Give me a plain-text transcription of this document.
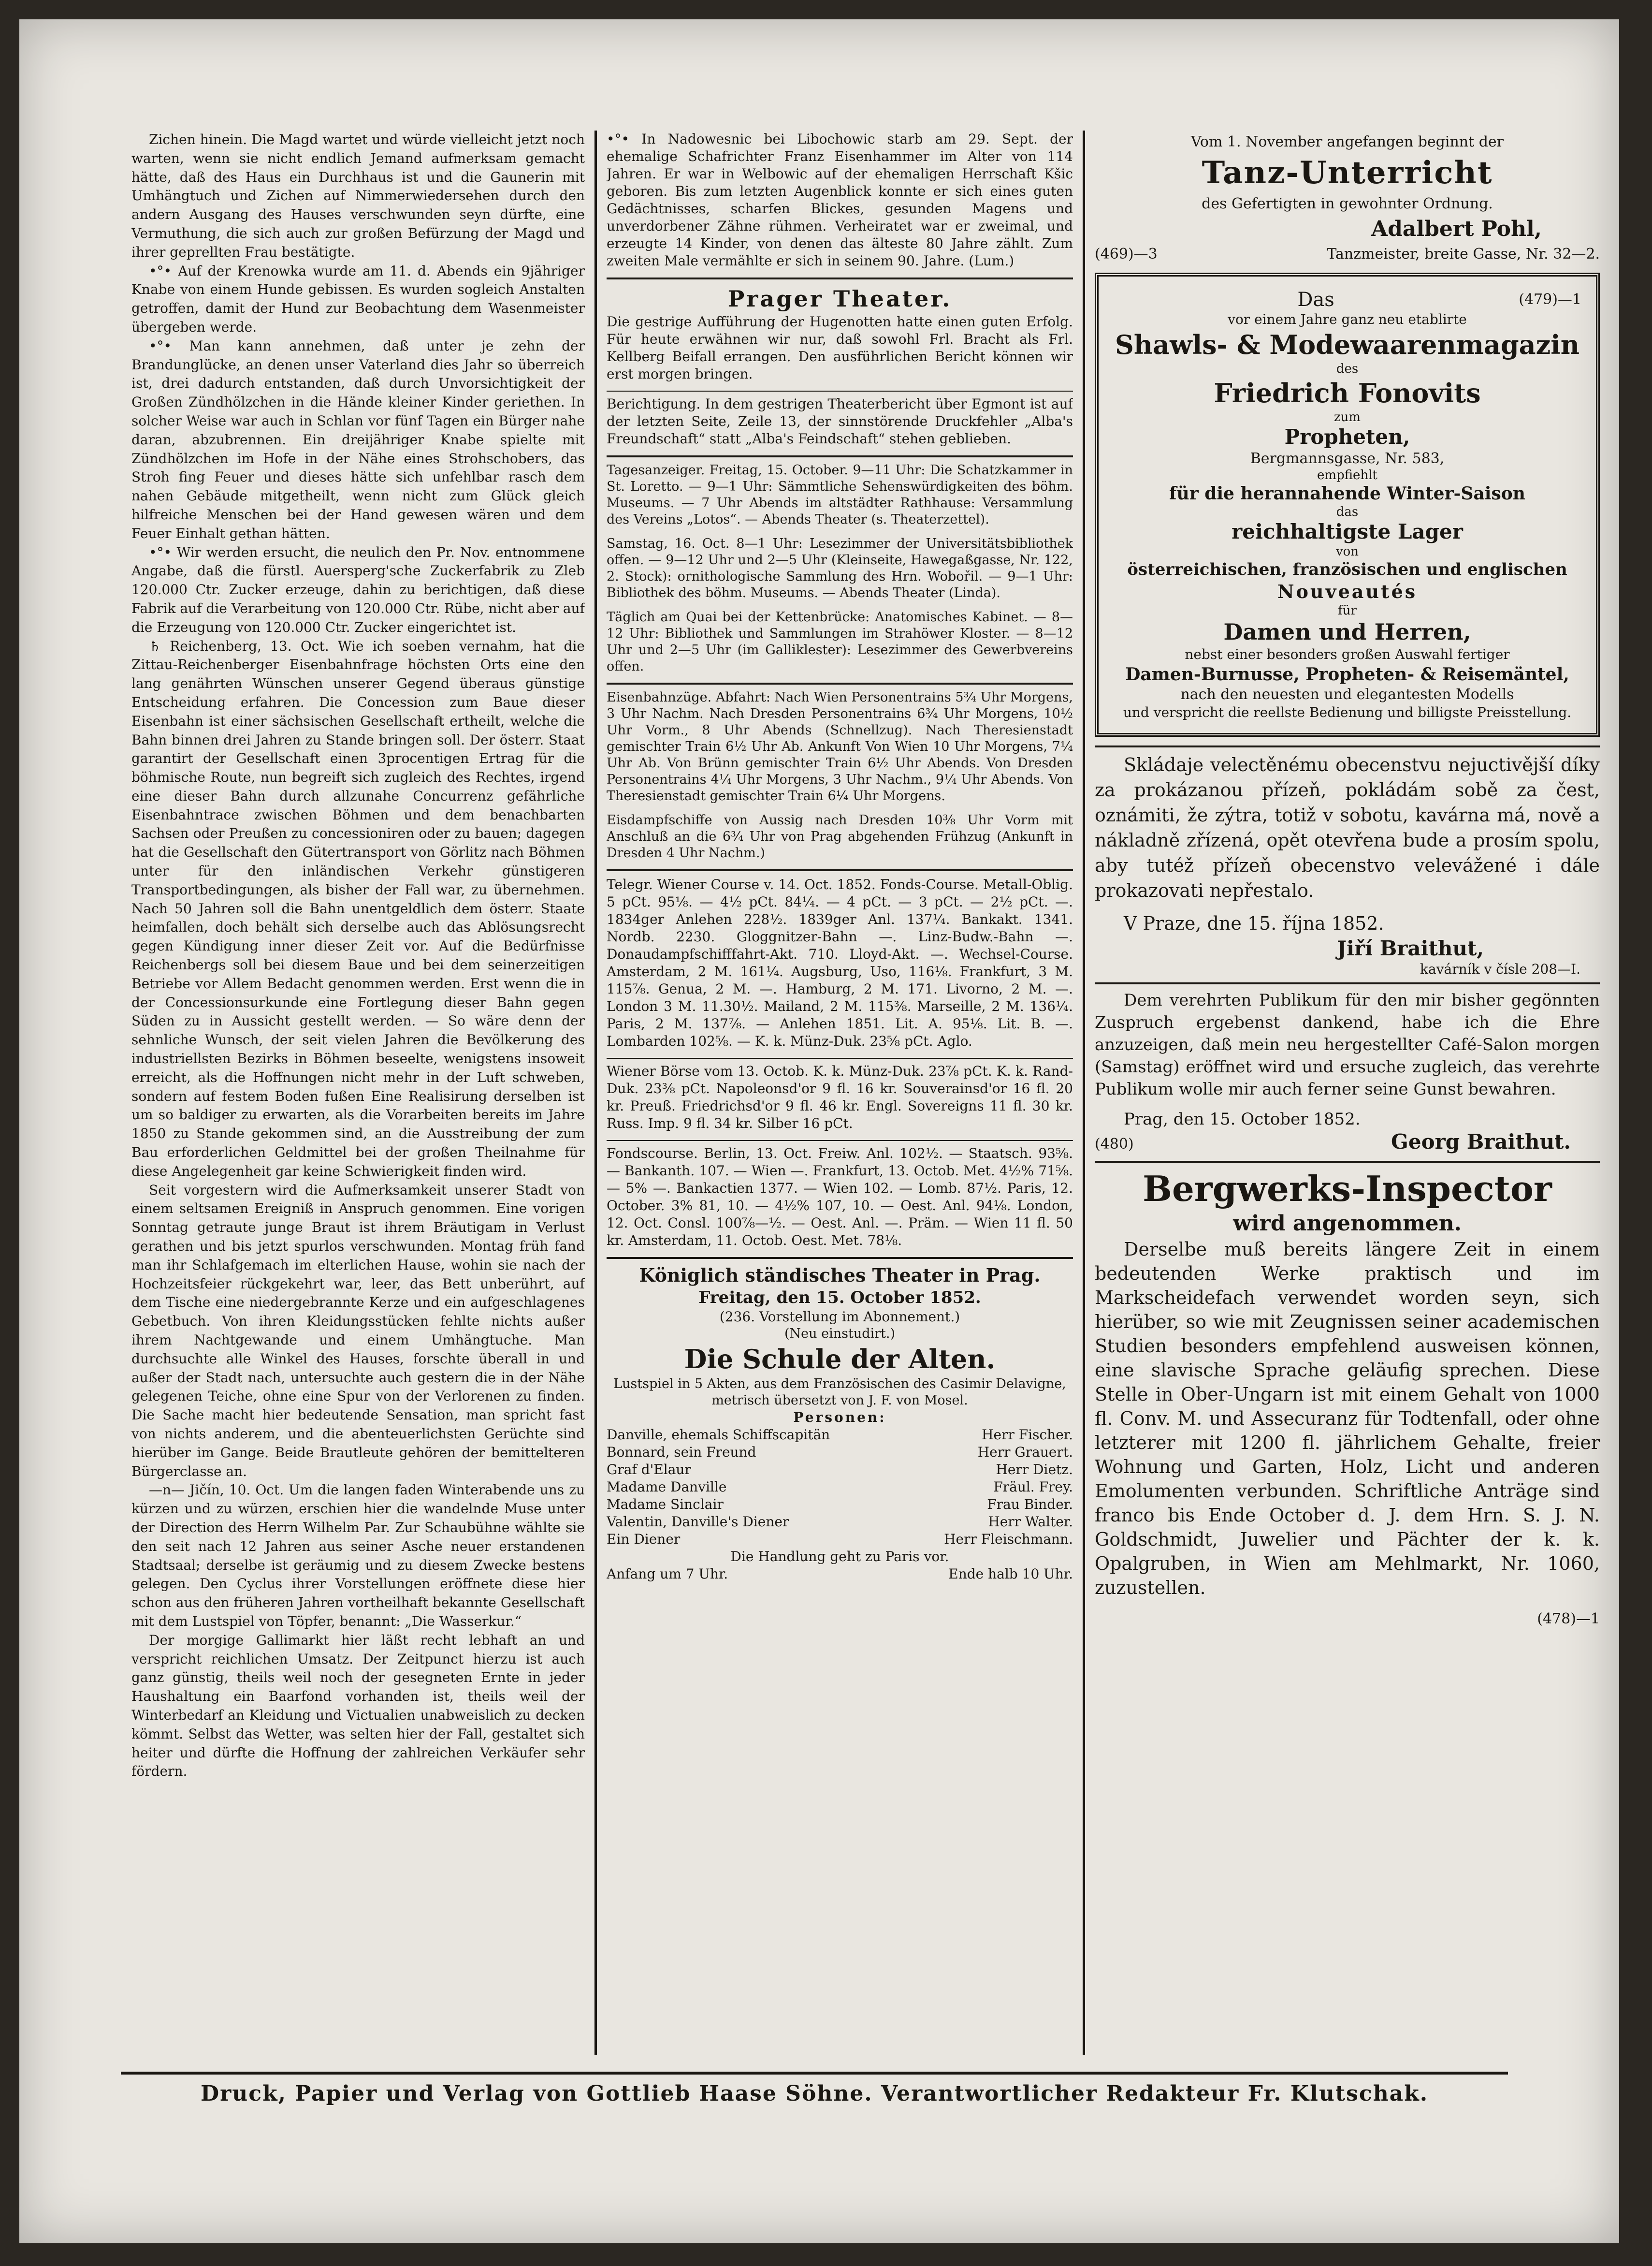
Zichen hinein. Die Magd wartet und würde vielleicht jetzt noch warten, wenn sie nicht endlich Jemand aufmerksam gemacht hätte, daß des Haus ein Durchhaus ist und die Gaunerin mit Umhängtuch und Zichen auf Nimmerwiedersehen durch den andern Ausgang des Hauses verschwunden seyn dürfte, eine Vermuthung, die sich auch zur großen Befürzung der Magd und ihrer geprellten Frau bestätigte.

•°• Auf der Krenowka wurde am 11. d. Abends ein 9jähriger Knabe von einem Hunde gebissen. Es wurden sogleich Anstalten getroffen, damit der Hund zur Beobachtung dem Wasenmeister übergeben werde.

•°• Man kann annehmen, daß unter je zehn der Brandunglücke, an denen unser Vaterland dies Jahr so überreich ist, drei dadurch entstanden, daß durch Unvorsichtigkeit der Großen Zündhölzchen in die Hände kleiner Kinder geriethen. In solcher Weise war auch in Schlan vor fünf Tagen ein Bürger nahe daran, abzubrennen. Ein dreijähriger Knabe spielte mit Zündhölzchen im Hofe in der Nähe eines Strohschobers, das Stroh fing Feuer und dieses hätte sich unfehlbar rasch dem nahen Gebäude mitgetheilt, wenn nicht zum Glück gleich hilfreiche Menschen bei der Hand gewesen wären und dem Feuer Einhalt gethan hätten.

•°• Wir werden ersucht, die neulich den Pr. Nov. entnommene Angabe, daß die fürstl. Auersperg'sche Zuckerfabrik zu Zleb 120.000 Ctr. Zucker erzeuge, dahin zu berichtigen, daß diese Fabrik auf die Verarbeitung von 120.000 Ctr. Rübe, nicht aber auf die Erzeugung von 120.000 Ctr. Zucker eingerichtet ist.

♄ Reichenberg, 13. Oct. Wie ich soeben vernahm, hat die Zittau-Reichenberger Eisenbahnfrage höchsten Orts eine den lang genährten Wünschen unserer Gegend überaus günstige Entscheidung erfahren. Die Concession zum Baue dieser Eisenbahn ist einer sächsischen Gesellschaft ertheilt, welche die Bahn binnen drei Jahren zu Stande bringen soll. Der österr. Staat garantirt der Gesellschaft einen 3procentigen Ertrag für die böhmische Route, nun begreift sich zugleich des Rechtes, irgend eine dieser Bahn durch allzunahe Concurrenz gefährliche Eisenbahntrace zwischen Böhmen und dem benachbarten Sachsen oder Preußen zu concessioniren oder zu bauen; dagegen hat die Gesellschaft den Gütertransport von Görlitz nach Böhmen unter für den inländischen Verkehr günstigeren Transportbedingungen, als bisher der Fall war, zu übernehmen. Nach 50 Jahren soll die Bahn unentgeldlich dem österr. Staate heimfallen, doch behält sich derselbe auch das Ablösungsrecht gegen Kündigung inner dieser Zeit vor. Auf die Bedürfnisse Reichenbergs soll bei diesem Baue und bei dem seinerzeitigen Betriebe vor Allem Bedacht genommen werden. Erst wenn die in der Concessionsurkunde eine Fortlegung dieser Bahn gegen Süden zu in Aussicht gestellt werden. — So wäre denn der sehnliche Wunsch, der seit vielen Jahren die Bevölkerung des industriellsten Bezirks in Böhmen beseelte, wenigstens insoweit erreicht, als die Hoffnungen nicht mehr in der Luft schweben, sondern auf festem Boden fußen Eine Realisirung derselben ist um so baldiger zu erwarten, als die Vorarbeiten bereits im Jahre 1850 zu Stande gekommen sind, an die Ausstreibung der zum Bau erforderlichen Geldmittel bei der großen Theilnahme für diese Angelegenheit gar keine Schwierigkeit finden wird.

Seit vorgestern wird die Aufmerksamkeit unserer Stadt von einem seltsamen Ereigniß in Anspruch genommen. Eine vorigen Sonntag getraute junge Braut ist ihrem Bräutigam in Verlust gerathen und bis jetzt spurlos verschwunden. Montag früh fand man ihr Schlafgemach im elterlichen Hause, wohin sie nach der Hochzeitsfeier rückgekehrt war, leer, das Bett unberührt, auf dem Tische eine niedergebrannte Kerze und ein aufgeschlagenes Gebetbuch. Von ihren Kleidungsstücken fehlte nichts außer ihrem Nachtgewande und einem Umhängtuche. Man durchsuchte alle Winkel des Hauses, forschte überall in und außer der Stadt nach, untersuchte auch gestern die in der Nähe gelegenen Teiche, ohne eine Spur von der Verlorenen zu finden. Die Sache macht hier bedeutende Sensation, man spricht fast von nichts anderem, und die abenteuerlichsten Gerüchte sind hierüber im Gange. Beide Brautleute gehören der bemittelteren Bürgerclasse an.

—n— Jičín, 10. Oct. Um die langen faden Winterabende uns zu kürzen und zu würzen, erschien hier die wandelnde Muse unter der Direction des Herrn Wilhelm Par. Zur Schaubühne wählte sie den seit nach 12 Jahren aus seiner Asche neuer erstandenen Stadtsaal; derselbe ist geräumig und zu diesem Zwecke bestens gelegen. Den Cyclus ihrer Vorstellungen eröffnete diese hier schon aus den früheren Jahren vortheilhaft bekannte Gesellschaft mit dem Lustspiel von Töpfer, benannt: „Die Wasserkur.“

Der morgige Gallimarkt hier läßt recht lebhaft an und verspricht reichlichen Umsatz. Der Zeitpunct hierzu ist auch ganz günstig, theils weil noch der gesegneten Ernte in jeder Haushaltung ein Baarfond vorhanden ist, theils weil der Winterbedarf an Kleidung und Victualien unabweislich zu decken kömmt. Selbst das Wetter, was selten hier der Fall, gestaltet sich heiter und dürfte die Hoffnung der zahlreichen Verkäufer sehr fördern.

•°• In Nadowesnic bei Libochowic starb am 29. Sept. der ehemalige Schafrichter Franz Eisenhammer im Alter von 114 Jahren. Er war in Welbowic auf der ehemaligen Herrschaft Kšic geboren. Bis zum letzten Augenblick konnte er sich eines guten Gedächtnisses, scharfen Blickes, gesunden Magens und unverdorbener Zähne rühmen. Verheiratet war er zweimal, und erzeugte 14 Kinder, von denen das älteste 80 Jahre zählt. Zum zweiten Male vermählte er sich in seinem 90. Jahre. (Lum.)

Prager Theater.

Die gestrige Aufführung der Hugenotten hatte einen guten Erfolg. Für heute erwähnen wir nur, daß sowohl Frl. Bracht als Frl. Kellberg Beifall errangen. Den ausführlichen Bericht können wir erst morgen bringen.

Berichtigung. In dem gestrigen Theaterbericht über Egmont ist auf der letzten Seite, Zeile 13, der sinnstörende Druckfehler „Alba's Freundschaft“ statt „Alba's Feindschaft“ stehen geblieben.

Tagesanzeiger. Freitag, 15. October. 9—11 Uhr: Die Schatzkammer in St. Loretto. — 9—1 Uhr: Sämmtliche Sehenswürdigkeiten des böhm. Museums. — 7 Uhr Abends im altstädter Rathhause: Versammlung des Vereins „Lotos“. — Abends Theater (s. Theaterzettel).

Samstag, 16. Oct. 8—1 Uhr: Lesezimmer der Universitätsbibliothek offen. — 9—12 Uhr und 2—5 Uhr (Kleinseite, Hawegaßgasse, Nr. 122, 2. Stock): ornithologische Sammlung des Hrn. Wobořil. — 9—1 Uhr: Bibliothek des böhm. Museums. — Abends Theater (Linda).

Täglich am Quai bei der Kettenbrücke: Anatomisches Kabinet. — 8—12 Uhr: Bibliothek und Sammlungen im Strahöwer Kloster. — 8—12 Uhr und 2—5 Uhr (im Galliklester): Lesezimmer des Gewerbvereins offen.

Eisenbahnzüge. Abfahrt: Nach Wien Personentrains 5¾ Uhr Morgens, 3 Uhr Nachm. Nach Dresden Personentrains 6¾ Uhr Morgens, 10½ Uhr Vorm., 8 Uhr Abends (Schnellzug). Nach Theresienstadt gemischter Train 6½ Uhr Ab. Ankunft Von Wien 10 Uhr Morgens, 7¼ Uhr Ab. Von Brünn gemischter Train 6½ Uhr Abends. Von Dresden Personentrains 4¼ Uhr Morgens, 3 Uhr Nachm., 9¼ Uhr Abends. Von Theresienstadt gemischter Train 6¼ Uhr Morgens.

Eisdampfschiffe von Aussig nach Dresden 10⅜ Uhr Vorm mit Anschluß an die 6¾ Uhr von Prag abgehenden Frühzug (Ankunft in Dresden 4 Uhr Nachm.)

Telegr. Wiener Course v. 14. Oct. 1852. Fonds-Course. Metall-Oblig. 5 pCt. 95⅛. — 4½ pCt. 84¼. — 4 pCt. — 3 pCt. — 2½ pCt. —. 1834ger Anlehen 228½. 1839ger Anl. 137¼. Bankakt. 1341. Nordb. 2230. Gloggnitzer-Bahn —. Linz-Budw.-Bahn —. Donaudampfschifffahrt-Akt. 710. Lloyd-Akt. —. Wechsel-Course. Amsterdam, 2 M. 161¼. Augsburg, Uso, 116⅛. Frankfurt, 3 M. 115⅞. Genua, 2 M. —. Hamburg, 2 M. 171. Livorno, 2 M. —. London 3 M. 11.30½. Mailand, 2 M. 115⅜. Marseille, 2 M. 136¼. Paris, 2 M. 137⅞. — Anlehen 1851. Lit. A. 95⅛. Lit. B. —. Lombarden 102⅝. — K. k. Münz-Duk. 23⅝ pCt. Aglo.

Wiener Börse vom 13. Octob. K. k. Münz-Duk. 23⅞ pCt. K. k. Rand-Duk. 23⅜ pCt. Napoleonsd'or 9 fl. 16 kr. Souverainsd'or 16 fl. 20 kr. Preuß. Friedrichsd'or 9 fl. 46 kr. Engl. Sovereigns 11 fl. 30 kr. Russ. Imp. 9 fl. 34 kr. Silber 16 pCt.

Fondscourse. Berlin, 13. Oct. Freiw. Anl. 102½. — Staatsch. 93⅝. — Bankanth. 107. — Wien —. Frankfurt, 13. Octob. Met. 4½% 71⅝. — 5% —. Bankactien 1377. — Wien 102. — Lomb. 87½. Paris, 12. October. 3% 81, 10. — 4½% 107, 10. — Oest. Anl. 94⅛. London, 12. Oct. Consl. 100⅞—½. — Oest. Anl. —. Präm. — Wien 11 fl. 50 kr. Amsterdam, 11. Octob. Oest. Met. 78⅛.

Königlich ständisches Theater in Prag.
Freitag, den 15. October 1852.
(236. Vorstellung im Abonnement.)
(Neu einstudirt.)
Die Schule der Alten.
Lustspiel in 5 Akten, aus dem Französischen des Casimir Delavigne, metrisch übersetzt von J. F. von Mosel.
Personen:
Danville, ehemals Schiffscapitän	Herr Fischer.
Bonnard, sein Freund	Herr Grauert.
Graf d'Elaur	Herr Dietz.
Madame Danville	Fräul. Frey.
Madame Sinclair	Frau Binder.
Valentin, Danville's Diener	Herr Walter.
Ein Diener	Herr Fleischmann.
Die Handlung geht zu Paris vor.
Anfang um 7 Uhr.	Ende halb 10 Uhr.
Vom 1. November angefangen beginnt der
Tanz-Unterricht
des Gefertigten in gewohnter Ordnung.
Adalbert Pohl,
(469)—3	Tanzmeister, breite Gasse, Nr. 32—2.
Das	(479)—1
vor einem Jahre ganz neu etablirte
Shawls- & Modewaarenmagazin
des
Friedrich Fonovits
zum
Propheten,
Bergmannsgasse, Nr. 583,
empfiehlt
für die herannahende Winter-Saison
das
reichhaltigste Lager
von
österreichischen, französischen und englischen
Nouveautés
für
Damen und Herren,
nebst einer besonders großen Auswahl fertiger
Damen-Burnusse, Propheten- & Reisemäntel,
nach den neuesten und elegantesten Modells
und verspricht die reellste Bedienung und billigste Preisstellung.

Skládaje velectěnému obecenstvu nejuctivější díky za prokázanou přízeň, pokládám sobě za čest, oznámiti, že zýtra, totiž v sobotu, kavárna má, nově a nákladně zřízená, opět otevřena bude a prosím spolu, aby tutéž přízeň obecenstvo velevážené i dále prokazovati nepřestalo.

V Praze, dne 15. října 1852.
Jiří Braithut,
kavárník v čísle 208—I.

Dem verehrten Publikum für den mir bisher gegönnten Zuspruch ergebenst dankend, habe ich die Ehre anzuzeigen, daß mein neu hergestellter Café-Salon morgen (Samstag) eröffnet wird und ersuche zugleich, das verehrte Publikum wolle mir auch ferner seine Gunst bewahren.

Prag, den 15. October 1852.
(480)	Georg Braithut.
Bergwerks-Inspector
wird angenommen.

Derselbe muß bereits längere Zeit in einem bedeutenden Werke praktisch und im Markscheidefach verwendet worden seyn, sich hierüber, so wie mit Zeugnissen seiner academischen Studien besonders empfehlend ausweisen können, eine slavische Sprache geläufig sprechen. Diese Stelle in Ober-Ungarn ist mit einem Gehalt von 1000 fl. Conv. M. und Assecuranz für Todtenfall, oder ohne letzterer mit 1200 fl. jährlichem Gehalte, freier Wohnung und Garten, Holz, Licht und anderen Emolumenten verbunden. Schriftliche Anträge sind franco bis Ende October d. J. dem Hrn. S. J. N. Goldschmidt, Juwelier und Pächter der k. k. Opalgruben, in Wien am Mehlmarkt, Nr. 1060, zuzustellen.

(478)—1
Druck, Papier und Verlag von Gottlieb Haase Söhne. Verantwortlicher Redakteur Fr. Klutschak.
